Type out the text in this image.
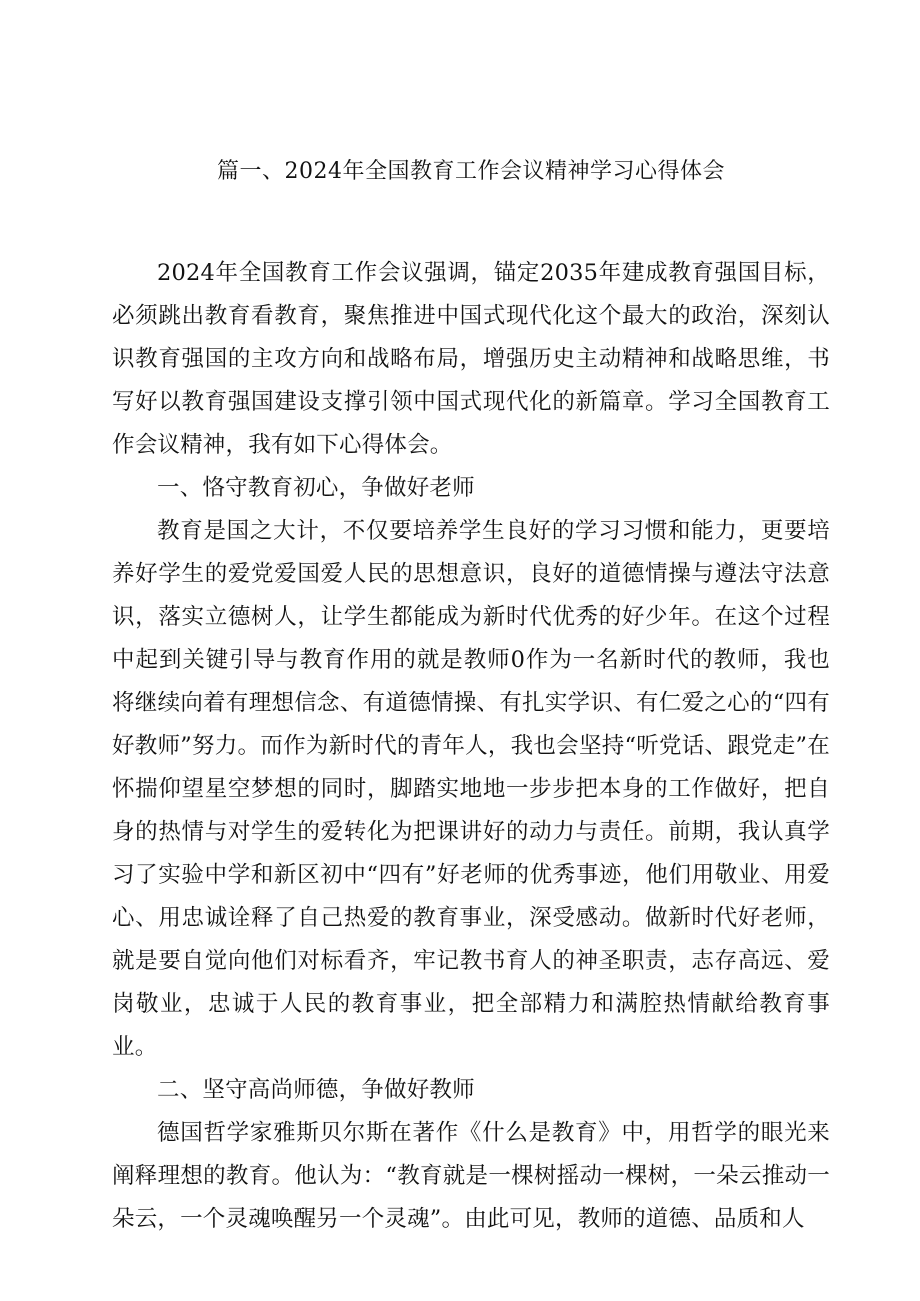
篇一、2024年全国教育工作会议精神学习心得体会

2024年全国教育工作会议强调，锚定2035年建成教育强国目标，必须跳出教育看教育，聚焦推进中国式现代化这个最大的政治，深刻认识教育强国的主攻方向和战略布局，增强历史主动精神和战略思维，书写好以教育强国建设支撑引领中国式现代化的新篇章。学习全国教育工作会议精神，我有如下心得体会。

一、恪守教育初心，争做好老师

教育是国之大计，不仅要培养学生良好的学习习惯和能力，更要培养好学生的爱党爱国爱人民的思想意识，良好的道德情操与遵法守法意识，落实立德树人，让学生都能成为新时代优秀的好少年。在这个过程中起到关键引导与教育作用的就是教师0作为一名新时代的教师，我也将继续向着有理想信念、有道德情操、有扎实学识、有仁爱之心的“四有好教师”努力。而作为新时代的青年人，我也会坚持“听党话、跟党走”在怀揣仰望星空梦想的同时，脚踏实地地一步步把本身的工作做好，把自身的热情与对学生的爱转化为把课讲好的动力与责任。前期，我认真学习了实验中学和新区初中“四有”好老师的优秀事迹，他们用敬业、用爱心、用忠诚诠释了自己热爱的教育事业，深受感动。做新时代好老师，就是要自觉向他们对标看齐，牢记教书育人的神圣职责，志存高远、爱岗敬业，忠诚于人民的教育事业，把全部精力和满腔热情献给教育事业。

二、坚守高尚师德，争做好教师

德国哲学家雅斯贝尔斯在著作《什么是教育》中，用哲学的眼光来阐释理想的教育。他认为：“教育就是一棵树摇动一棵树，一朵云推动一朵云，一个灵魂唤醒另一个灵魂”。由此可见，教师的道德、品质和人
